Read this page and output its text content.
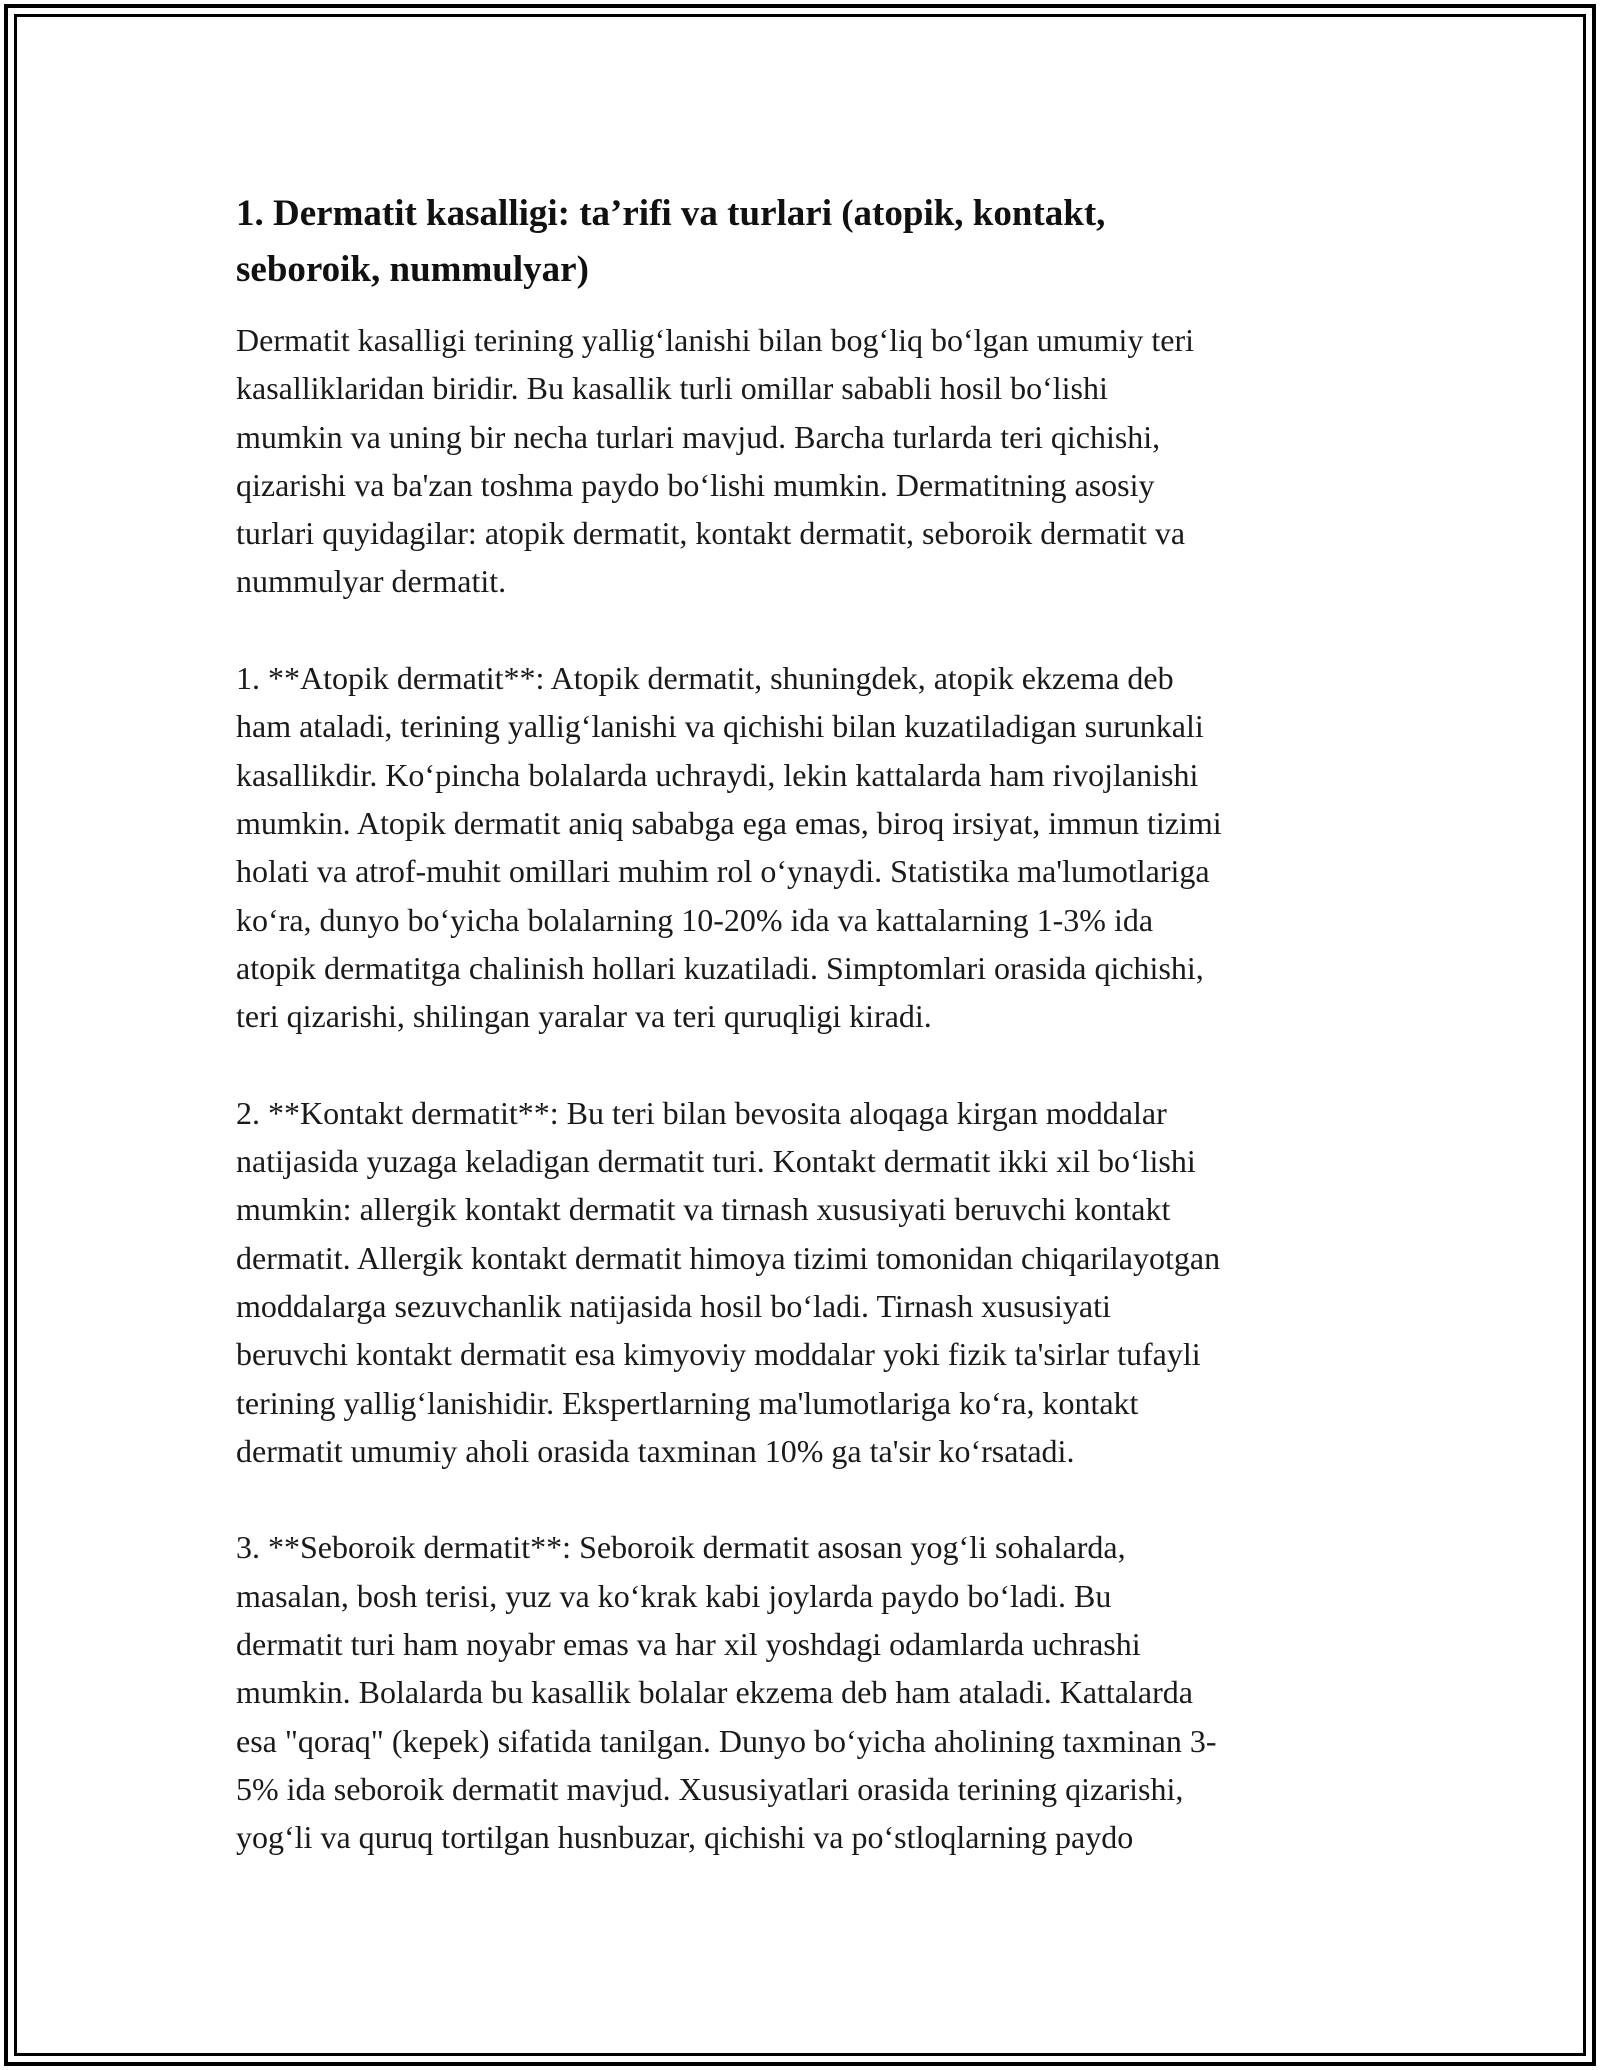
1. Dermatit kasalligi: ta’rifi va turlari (atopik, kontakt,
seboroik, nummulyar)

Dermatit kasalligi terining yallig‘lanishi bilan bog‘liq bo‘lgan umumiy teri
kasalliklaridan biridir. Bu kasallik turli omillar sababli hosil bo‘lishi
mumkin va uning bir necha turlari mavjud. Barcha turlarda teri qichishi,
qizarishi va ba'zan toshma paydo bo‘lishi mumkin. Dermatitning asosiy
turlari quyidagilar: atopik dermatit, kontakt dermatit, seboroik dermatit va
nummulyar dermatit.

1. **Atopik dermatit**: Atopik dermatit, shuningdek, atopik ekzema deb
ham ataladi, terining yallig‘lanishi va qichishi bilan kuzatiladigan surunkali
kasallikdir. Ko‘pincha bolalarda uchraydi, lekin kattalarda ham rivojlanishi
mumkin. Atopik dermatit aniq sababga ega emas, biroq irsiyat, immun tizimi
holati va atrof-muhit omillari muhim rol o‘ynaydi. Statistika ma'lumotlariga
ko‘ra, dunyo bo‘yicha bolalarning 10-20% ida va kattalarning 1-3% ida
atopik dermatitga chalinish hollari kuzatiladi. Simptomlari orasida qichishi,
teri qizarishi, shilingan yaralar va teri quruqligi kiradi.

2. **Kontakt dermatit**: Bu teri bilan bevosita aloqaga kirgan moddalar
natijasida yuzaga keladigan dermatit turi. Kontakt dermatit ikki xil bo‘lishi
mumkin: allergik kontakt dermatit va tirnash xususiyati beruvchi kontakt
dermatit. Allergik kontakt dermatit himoya tizimi tomonidan chiqarilayotgan
moddalarga sezuvchanlik natijasida hosil bo‘ladi. Tirnash xususiyati
beruvchi kontakt dermatit esa kimyoviy moddalar yoki fizik ta'sirlar tufayli
terining yallig‘lanishidir. Ekspertlarning ma'lumotlariga ko‘ra, kontakt
dermatit umumiy aholi orasida taxminan 10% ga ta'sir ko‘rsatadi.

3. **Seboroik dermatit**: Seboroik dermatit asosan yog‘li sohalarda,
masalan, bosh terisi, yuz va ko‘krak kabi joylarda paydo bo‘ladi. Bu
dermatit turi ham noyabr emas va har xil yoshdagi odamlarda uchrashi
mumkin. Bolalarda bu kasallik bolalar ekzema deb ham ataladi. Kattalarda
esa "qoraq" (kepek) sifatida tanilgan. Dunyo bo‘yicha aholining taxminan 3-
5% ida seboroik dermatit mavjud. Xususiyatlari orasida terining qizarishi,
yog‘li va quruq tortilgan husnbuzar, qichishi va po‘stloqlarning paydo
